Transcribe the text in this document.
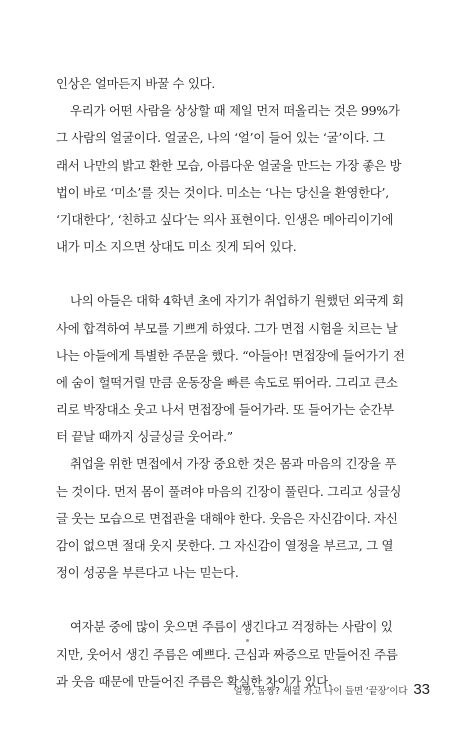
인상은 얼마든지 바꿀 수 있다.
우리가 어떤 사람을 상상할 때 제일 먼저 떠올리는 것은 99%가
그 사람의 얼굴이다. 얼굴은, 나의 ‘얼’이 들어 있는 ‘굴’이다. 그
래서 나만의 밝고 환한 모습, 아름다운 얼굴을 만드는 가장 좋은 방
법이 바로 ‘미소’를 짓는 것이다. 미소는 ‘나는 당신을 환영한다’,
‘기대한다’, ‘친하고 싶다’는 의사 표현이다. 인생은 메아리이기에
내가 미소 지으면 상대도 미소 짓게 되어 있다.
나의 아들은 대학 4학년 초에 자기가 취업하기 원했던 외국계 회
사에 합격하여 부모를 기쁘게 하였다. 그가 면접 시험을 치르는 날
나는 아들에게 특별한 주문을 했다. “아들아! 면접장에 들어가기 전
에 숨이 헐떡거릴 만큼 운동장을 빠른 속도로 뛰어라. 그리고 큰소
리로 박장대소 웃고 나서 면접장에 들어가라. 또 들어가는 순간부
터 끝날 때까지 싱글싱글 웃어라.”
취업을 위한 면접에서 가장 중요한 것은 몸과 마음의 긴장을 푸
는 것이다. 먼저 몸이 풀려야 마음의 긴장이 풀린다. 그리고 싱글싱
글 웃는 모습으로 면접관을 대해야 한다. 웃음은 자신감이다. 자신
감이 없으면 절대 웃지 못한다. 그 자신감이 열정을 부르고, 그 열
정이 성공을 부른다고 나는 믿는다.
여자분 중에 많이 웃으면 주름이 생긴다고 걱정하는 사람이 있
지만, 웃어서 생긴 주름은 예쁘다. 근심과 짜증으로 만들어진 주름
과 웃음 때문에 만들어진 주름은 확실한 차이가 있다.
얼짱, 몸짱? 세월 가고 나이 들면 ‘끝장’이다 33
